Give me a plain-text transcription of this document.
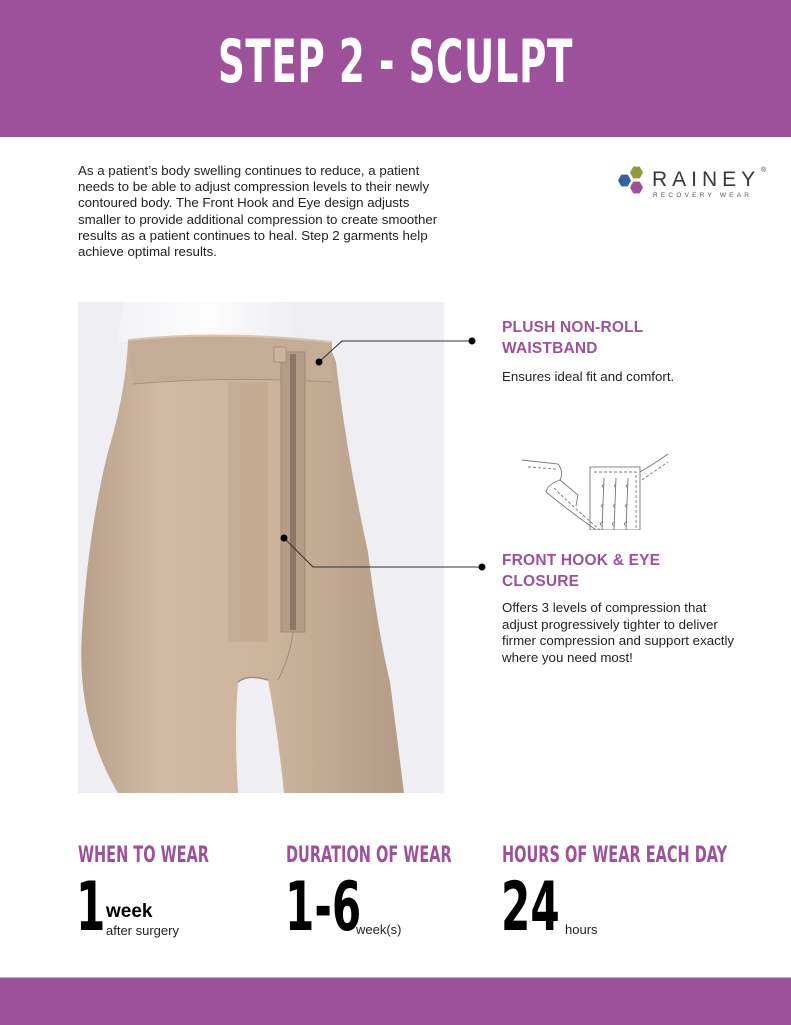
STEP 2 - SCULPT

As a patient’s body swelling continues to reduce, a patient needs to be able to adjust compression levels to their newly contoured body. The Front Hook and Eye design adjusts smaller to provide additional compression to create smoother results as a patient continues to heal. Step 2 garments help achieve optimal results.

RAINEY ®
RECOVERY WEAR
PLUSH NON-ROLL
WAISTBAND
Ensures ideal fit and comfort.
FRONT HOOK & EYE
CLOSURE
Offers 3 levels of compression that
adjust progressively tighter to deliver
firmer compression and support exactly
where you need most!
WHEN TO WEAR
1 week
after surgery
DURATION OF WEAR
1-6
week(s)
HOURS OF WEAR EACH DAY
24 hours
